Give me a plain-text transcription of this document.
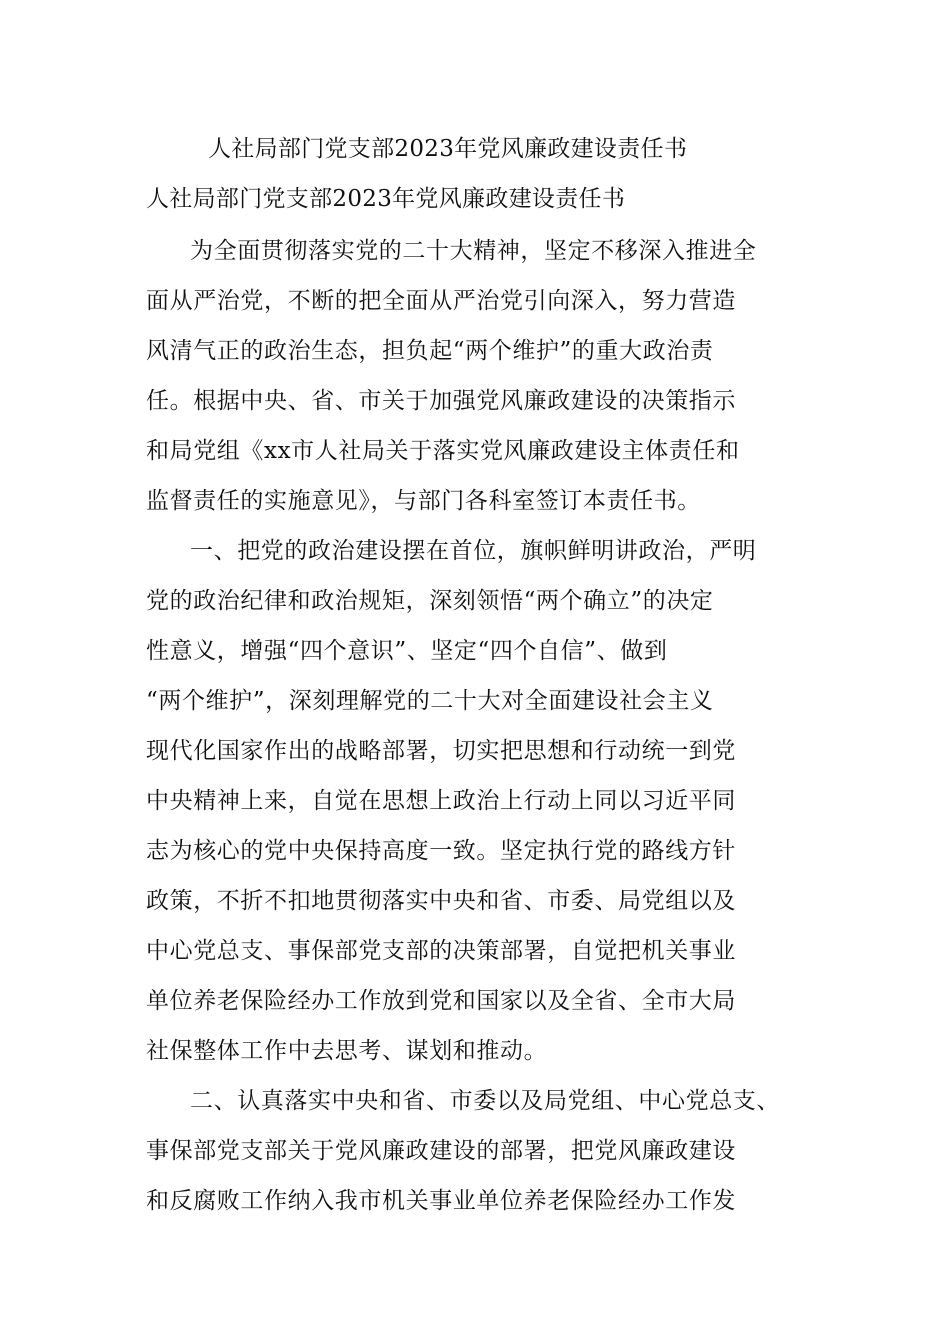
人社局部门党支部2023年党风廉政建设责任书
人社局部门党支部2023年党风廉政建设责任书
为全面贯彻落实党的二十大精神，坚定不移深入推进全
面从严治党，不断的把全面从严治党引向深入，努力营造
风清气正的政治生态，担负起“两个维护”的重大政治责
任。根据中央、省、市关于加强党风廉政建设的决策指示
和局党组《xx市人社局关于落实党风廉政建设主体责任和
监督责任的实施意见》，与部门各科室签订本责任书。
一、把党的政治建设摆在首位，旗帜鲜明讲政治，严明
党的政治纪律和政治规矩，深刻领悟“两个确立”的决定
性意义，增强“四个意识”、坚定“四个自信”、做到
“两个维护”，深刻理解党的二十大对全面建设社会主义
现代化国家作出的战略部署，切实把思想和行动统一到党
中央精神上来，自觉在思想上政治上行动上同以习近平同
志为核心的党中央保持高度一致。坚定执行党的路线方针
政策，不折不扣地贯彻落实中央和省、市委、局党组以及
中心党总支、事保部党支部的决策部署，自觉把机关事业
单位养老保险经办工作放到党和国家以及全省、全市大局
社保整体工作中去思考、谋划和推动。
二、认真落实中央和省、市委以及局党组、中心党总支、
事保部党支部关于党风廉政建设的部署，把党风廉政建设
和反腐败工作纳入我市机关事业单位养老保险经办工作发
